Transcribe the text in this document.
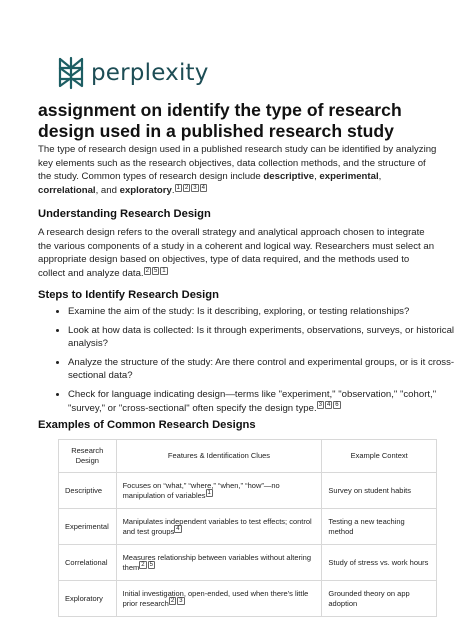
perplexity
assignment on identify the type of research design used in a published research study

The type of research design used in a published research study can be identified by analyzing key elements such as the research objectives, data collection methods, and the structure of the study. Common types of research design include descriptive, experimental, correlational, and exploratory. $^{1 2 3 4}$

Understanding Research Design

A research design refers to the overall strategy and analytical approach chosen to integrate the various components of a study in a coherent and logical way. Researchers must select an appropriate design based on objectives, type of data required, and the methods used to collect and analyze data. $^{2 5 1}$

Steps to Identify Research Design
• Examine the aim of the study: Is it describing, exploring, or testing relationships?
• Look at how data is collected: Is it through experiments, observations, surveys, or historical analysis?
• Analyze the structure of the study: Are there control and experimental groups, or is it cross-sectional data?
• Check for language indicating design—terms like "experiment," "observation," "cohort," "survey," or "cross-sectional" often specify the design type. $^{3 4 6}$
Examples of Common Research Designs
Research Design	Features & Identification Clues	Example Context
Descriptive	Focuses on “what,” “where,” “when,” “how”—no manipulation of variables $^1$	Survey on student habits
Experimental	Manipulates independent variables to test effects; control and test groups $^4$	Testing a new teaching method
Correlational	Measures relationship between variables without altering them $^{2 5}$	Study of stress vs. work hours
Exploratory	Initial investigation, open-ended, used when there's little prior research $^{2 3}$	Grounded theory on app adoption
